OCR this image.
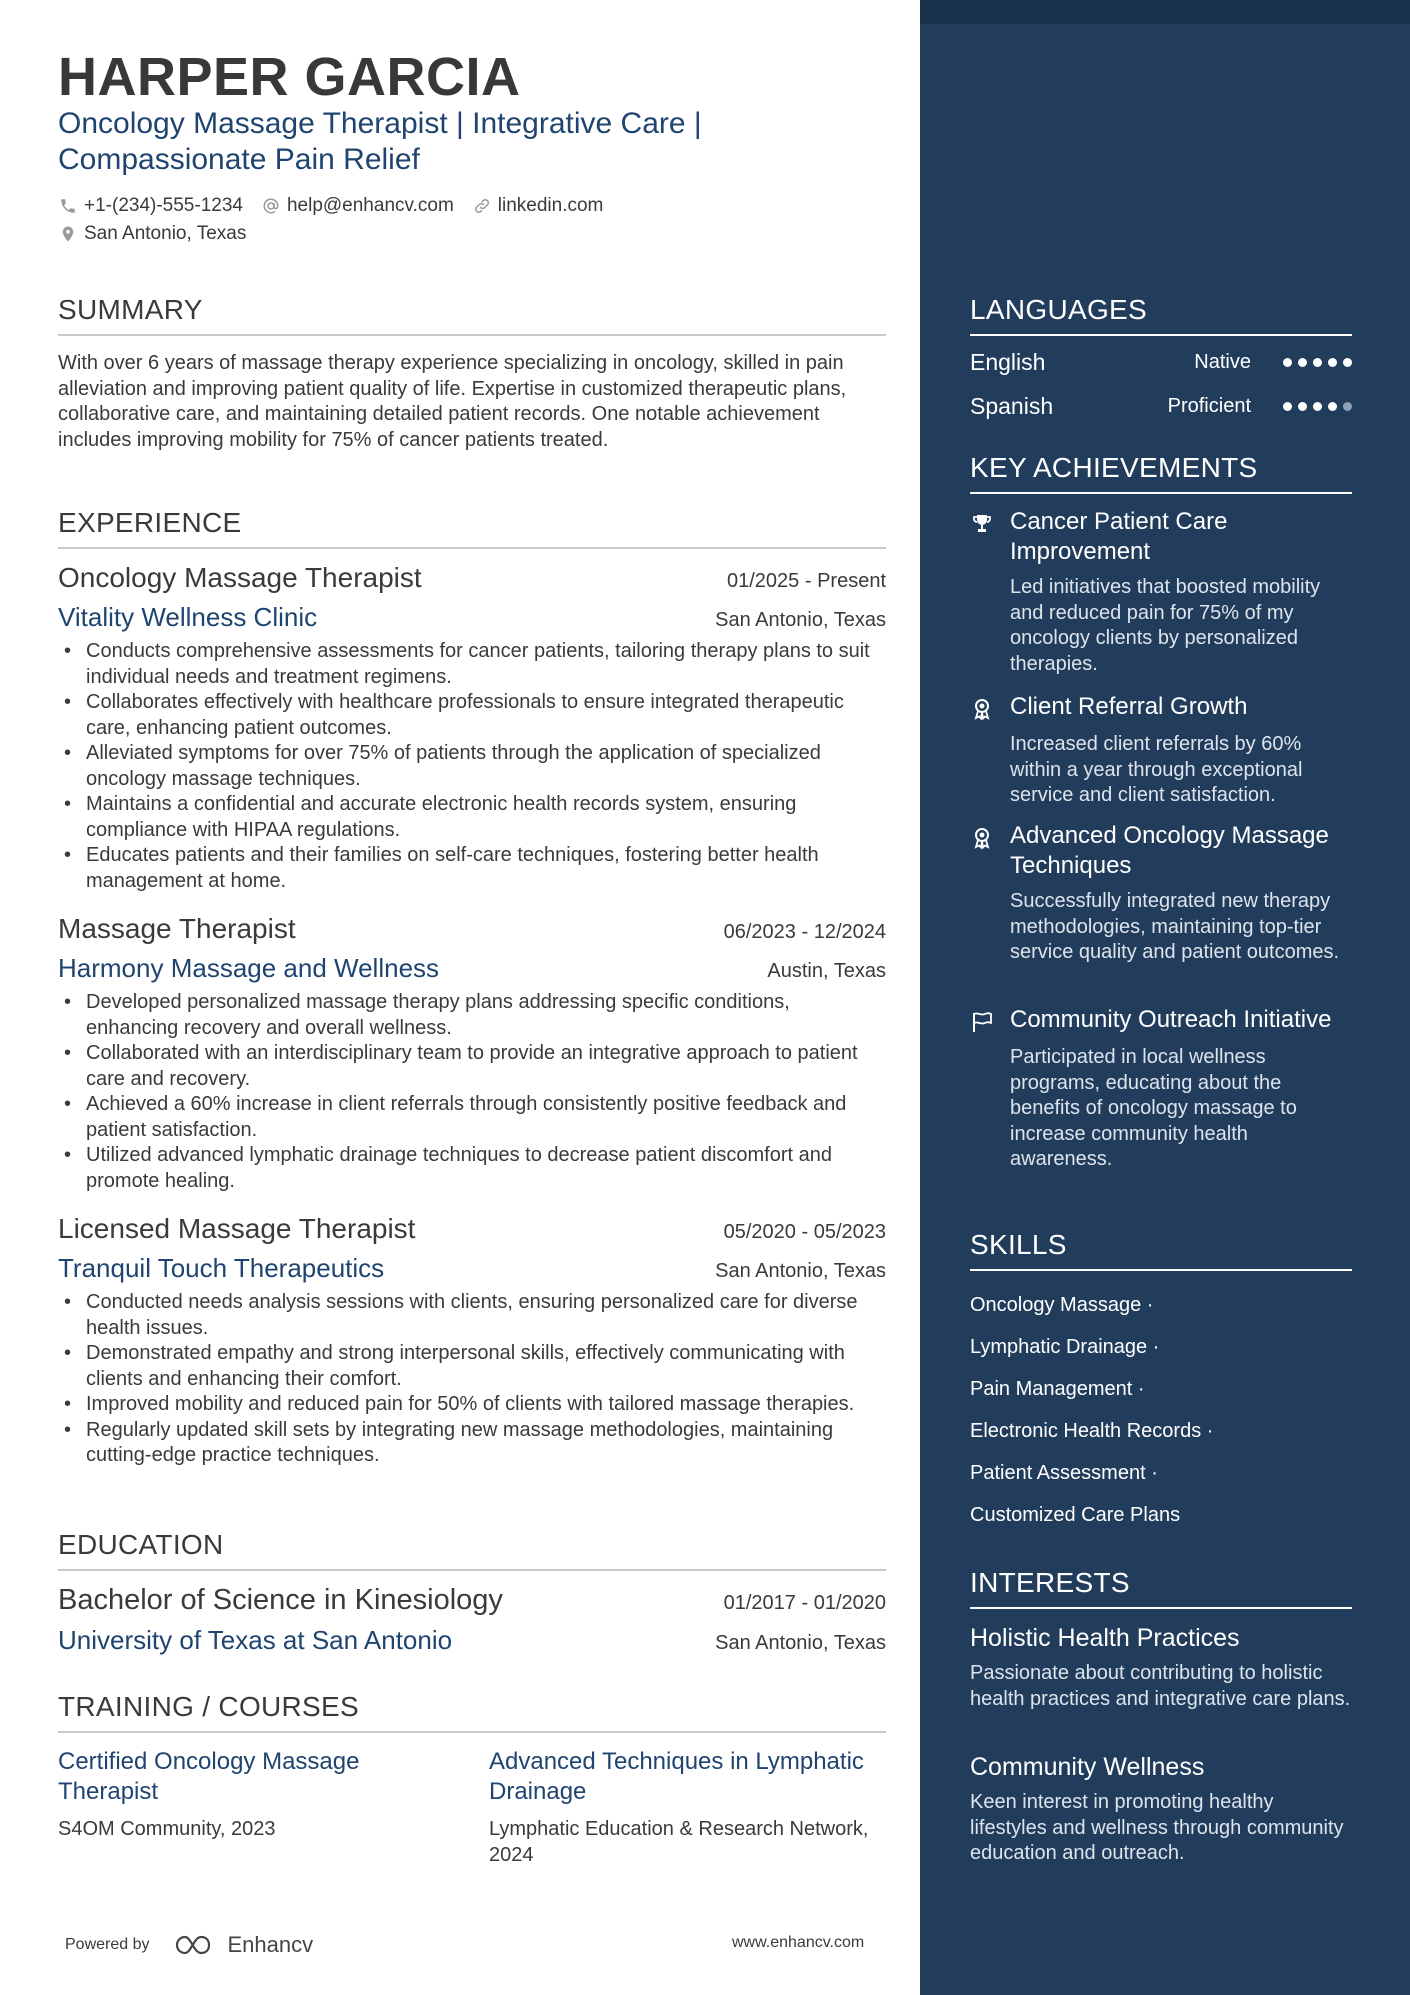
HARPER GARCIA
Oncology Massage Therapist | Integrative Care |
Compassionate Pain Relief
+1-(234)-555-1234 help@enhancv.com linkedin.com
San Antonio, Texas
SUMMARY
With over 6 years of massage therapy experience specializing in oncology, skilled in pain alleviation and improving patient quality of life. Expertise in customized therapeutic plans, collaborative care, and maintaining detailed patient records. One notable achievement includes improving mobility for 75% of cancer patients treated.
EXPERIENCE
Oncology Massage Therapist	01/2025 - Present
Vitality Wellness Clinic	San Antonio, Texas
• Conducts comprehensive assessments for cancer patients, tailoring therapy plans to suit individual needs and treatment regimens.
• Collaborates effectively with healthcare professionals to ensure integrated therapeutic care, enhancing patient outcomes.
• Alleviated symptoms for over 75% of patients through the application of specialized oncology massage techniques.
• Maintains a confidential and accurate electronic health records system, ensuring compliance with HIPAA regulations.
• Educates patients and their families on self-care techniques, fostering better health management at home.
Massage Therapist	06/2023 - 12/2024
Harmony Massage and Wellness	Austin, Texas
• Developed personalized massage therapy plans addressing specific conditions, enhancing recovery and overall wellness.
• Collaborated with an interdisciplinary team to provide an integrative approach to patient care and recovery.
• Achieved a 60% increase in client referrals through consistently positive feedback and patient satisfaction.
• Utilized advanced lymphatic drainage techniques to decrease patient discomfort and promote healing.
Licensed Massage Therapist	05/2020 - 05/2023
Tranquil Touch Therapeutics	San Antonio, Texas
• Conducted needs analysis sessions with clients, ensuring personalized care for diverse health issues.
• Demonstrated empathy and strong interpersonal skills, effectively communicating with clients and enhancing their comfort.
• Improved mobility and reduced pain for 50% of clients with tailored massage therapies.
• Regularly updated skill sets by integrating new massage methodologies, maintaining cutting-edge practice techniques.
EDUCATION
Bachelor of Science in Kinesiology	01/2017 - 01/2020
University of Texas at San Antonio	San Antonio, Texas
TRAINING / COURSES
Certified Oncology Massage Therapist
S4OM Community, 2023
Advanced Techniques in Lymphatic Drainage
Lymphatic Education & Research Network, 2024
Powered by	Enhancv	www.enhancv.com
LANGUAGES
English	Native
Spanish	Proficient
KEY ACHIEVEMENTS
Cancer Patient Care Improvement
Led initiatives that boosted mobility and reduced pain for 75% of my oncology clients by personalized therapies.
Client Referral Growth
Increased client referrals by 60% within a year through exceptional service and client satisfaction.
Advanced Oncology Massage Techniques
Successfully integrated new therapy methodologies, maintaining top-tier service quality and patient outcomes.
Community Outreach Initiative
Participated in local wellness programs, educating about the benefits of oncology massage to increase community health awareness.
SKILLS
Oncology Massage ·
Lymphatic Drainage ·
Pain Management ·
Electronic Health Records ·
Patient Assessment ·
Customized Care Plans
INTERESTS
Holistic Health Practices
Passionate about contributing to holistic health practices and integrative care plans.
Community Wellness
Keen interest in promoting healthy lifestyles and wellness through community education and outreach.
